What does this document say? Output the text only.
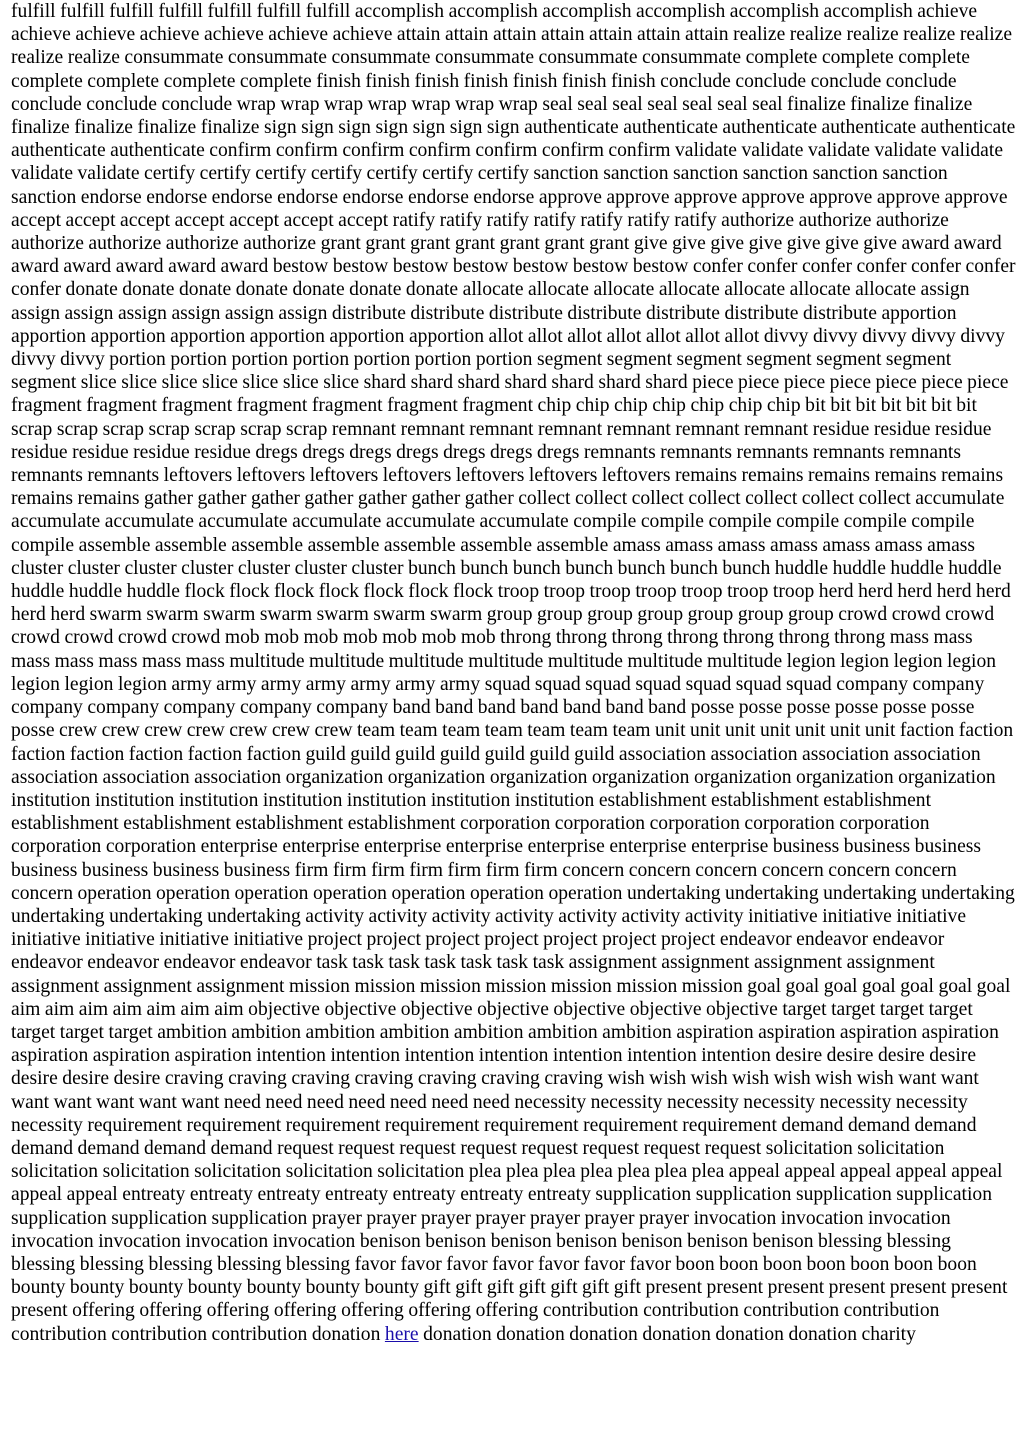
fulfill fulfill fulfill fulfill fulfill fulfill fulfill accomplish accomplish accomplish accomplish accomplish accomplish achieve achieve achieve achieve achieve achieve achieve attain attain attain attain attain attain attain realize realize realize realize realize realize realize consummate consummate consummate consummate consummate consummate complete complete complete complete complete complete complete finish finish finish finish finish finish finish conclude conclude conclude conclude conclude conclude conclude wrap wrap wrap wrap wrap wrap wrap seal seal seal seal seal seal seal finalize finalize finalize finalize finalize finalize finalize sign sign sign sign sign sign sign authenticate authenticate authenticate authenticate authenticate authenticate authenticate confirm confirm confirm confirm confirm confirm confirm validate validate validate validate validate validate validate certify certify certify certify certify certify certify sanction sanction sanction sanction sanction sanction sanction endorse endorse endorse endorse endorse endorse endorse approve approve approve approve approve approve approve accept accept accept accept accept accept accept ratify ratify ratify ratify ratify ratify ratify authorize authorize authorize authorize authorize authorize authorize grant grant grant grant grant grant grant give give give give give give give award award award award award award award bestow bestow bestow bestow bestow bestow bestow confer confer confer confer confer confer confer donate donate donate donate donate donate donate allocate allocate allocate allocate allocate allocate allocate assign assign assign assign assign assign assign distribute distribute distribute distribute distribute distribute distribute apportion apportion apportion apportion apportion apportion apportion allot allot allot allot allot allot allot divvy divvy divvy divvy divvy divvy divvy portion portion portion portion portion portion portion segment segment segment segment segment segment segment slice slice slice slice slice slice slice shard shard shard shard shard shard shard piece piece piece piece piece piece piece fragment fragment fragment fragment fragment fragment fragment chip chip chip chip chip chip chip bit bit bit bit bit bit bit scrap scrap scrap scrap scrap scrap scrap remnant remnant remnant remnant remnant remnant remnant residue residue residue residue residue residue residue dregs dregs dregs dregs dregs dregs dregs remnants remnants remnants remnants remnants remnants remnants leftovers leftovers leftovers leftovers leftovers leftovers leftovers remains remains remains remains remains remains remains gather gather gather gather gather gather gather collect collect collect collect collect collect collect accumulate accumulate accumulate accumulate accumulate accumulate accumulate compile compile compile compile compile compile compile assemble assemble assemble assemble assemble assemble assemble amass amass amass amass amass amass amass cluster cluster cluster cluster cluster cluster cluster bunch bunch bunch bunch bunch bunch bunch huddle huddle huddle huddle huddle huddle huddle flock flock flock flock flock flock flock troop troop troop troop troop troop troop herd herd herd herd herd herd herd swarm swarm swarm swarm swarm swarm swarm group group group group group group group crowd crowd crowd crowd crowd crowd crowd mob mob mob mob mob mob mob throng throng throng throng throng throng throng mass mass mass mass mass mass mass multitude multitude multitude multitude multitude multitude multitude legion legion legion legion legion legion legion army army army army army army army squad squad squad squad squad squad squad company company company company company company company band band band band band band band posse posse posse posse posse posse posse crew crew crew crew crew crew crew team team team team team team team unit unit unit unit unit unit unit faction faction faction faction faction faction faction guild guild guild guild guild guild guild association association association association association association association organization organization organization organization organization organization organization institution institution institution institution institution institution institution establishment establishment establishment establishment establishment establishment establishment corporation corporation corporation corporation corporation corporation corporation enterprise enterprise enterprise enterprise enterprise enterprise enterprise business business business business business business business firm firm firm firm firm firm firm concern concern concern concern concern concern concern operation operation operation operation operation operation operation undertaking undertaking undertaking undertaking undertaking undertaking undertaking activity activity activity activity activity activity activity initiative initiative initiative initiative initiative initiative initiative project project project project project project project endeavor endeavor endeavor endeavor endeavor endeavor endeavor task task task task task task task assignment assignment assignment assignment assignment assignment assignment mission mission mission mission mission mission mission goal goal goal goal goal goal goal aim aim aim aim aim aim aim objective objective objective objective objective objective objective target target target target target target target ambition ambition ambition ambition ambition ambition ambition aspiration aspiration aspiration aspiration aspiration aspiration aspiration intention intention intention intention intention intention intention desire desire desire desire desire desire desire craving craving craving craving craving craving craving wish wish wish wish wish wish wish want want want want want want want need need need need need need need necessity necessity necessity necessity necessity necessity necessity requirement requirement requirement requirement requirement requirement requirement demand demand demand demand demand demand demand request request request request request request request request solicitation solicitation solicitation solicitation solicitation solicitation solicitation plea plea plea plea plea plea plea appeal appeal appeal appeal appeal appeal appeal entreaty entreaty entreaty entreaty entreaty entreaty entreaty supplication supplication supplication supplication supplication supplication supplication prayer prayer prayer prayer prayer prayer prayer invocation invocation invocation invocation invocation invocation invocation benison benison benison benison benison benison benison blessing blessing blessing blessing blessing blessing blessing favor favor favor favor favor favor favor boon boon boon boon boon boon boon bounty bounty bounty bounty bounty bounty bounty gift gift gift gift gift gift gift present present present present present present present offering offering offering offering offering offering offering contribution contribution contribution contribution contribution contribution contribution donation here donation donation donation donation donation donation charity
